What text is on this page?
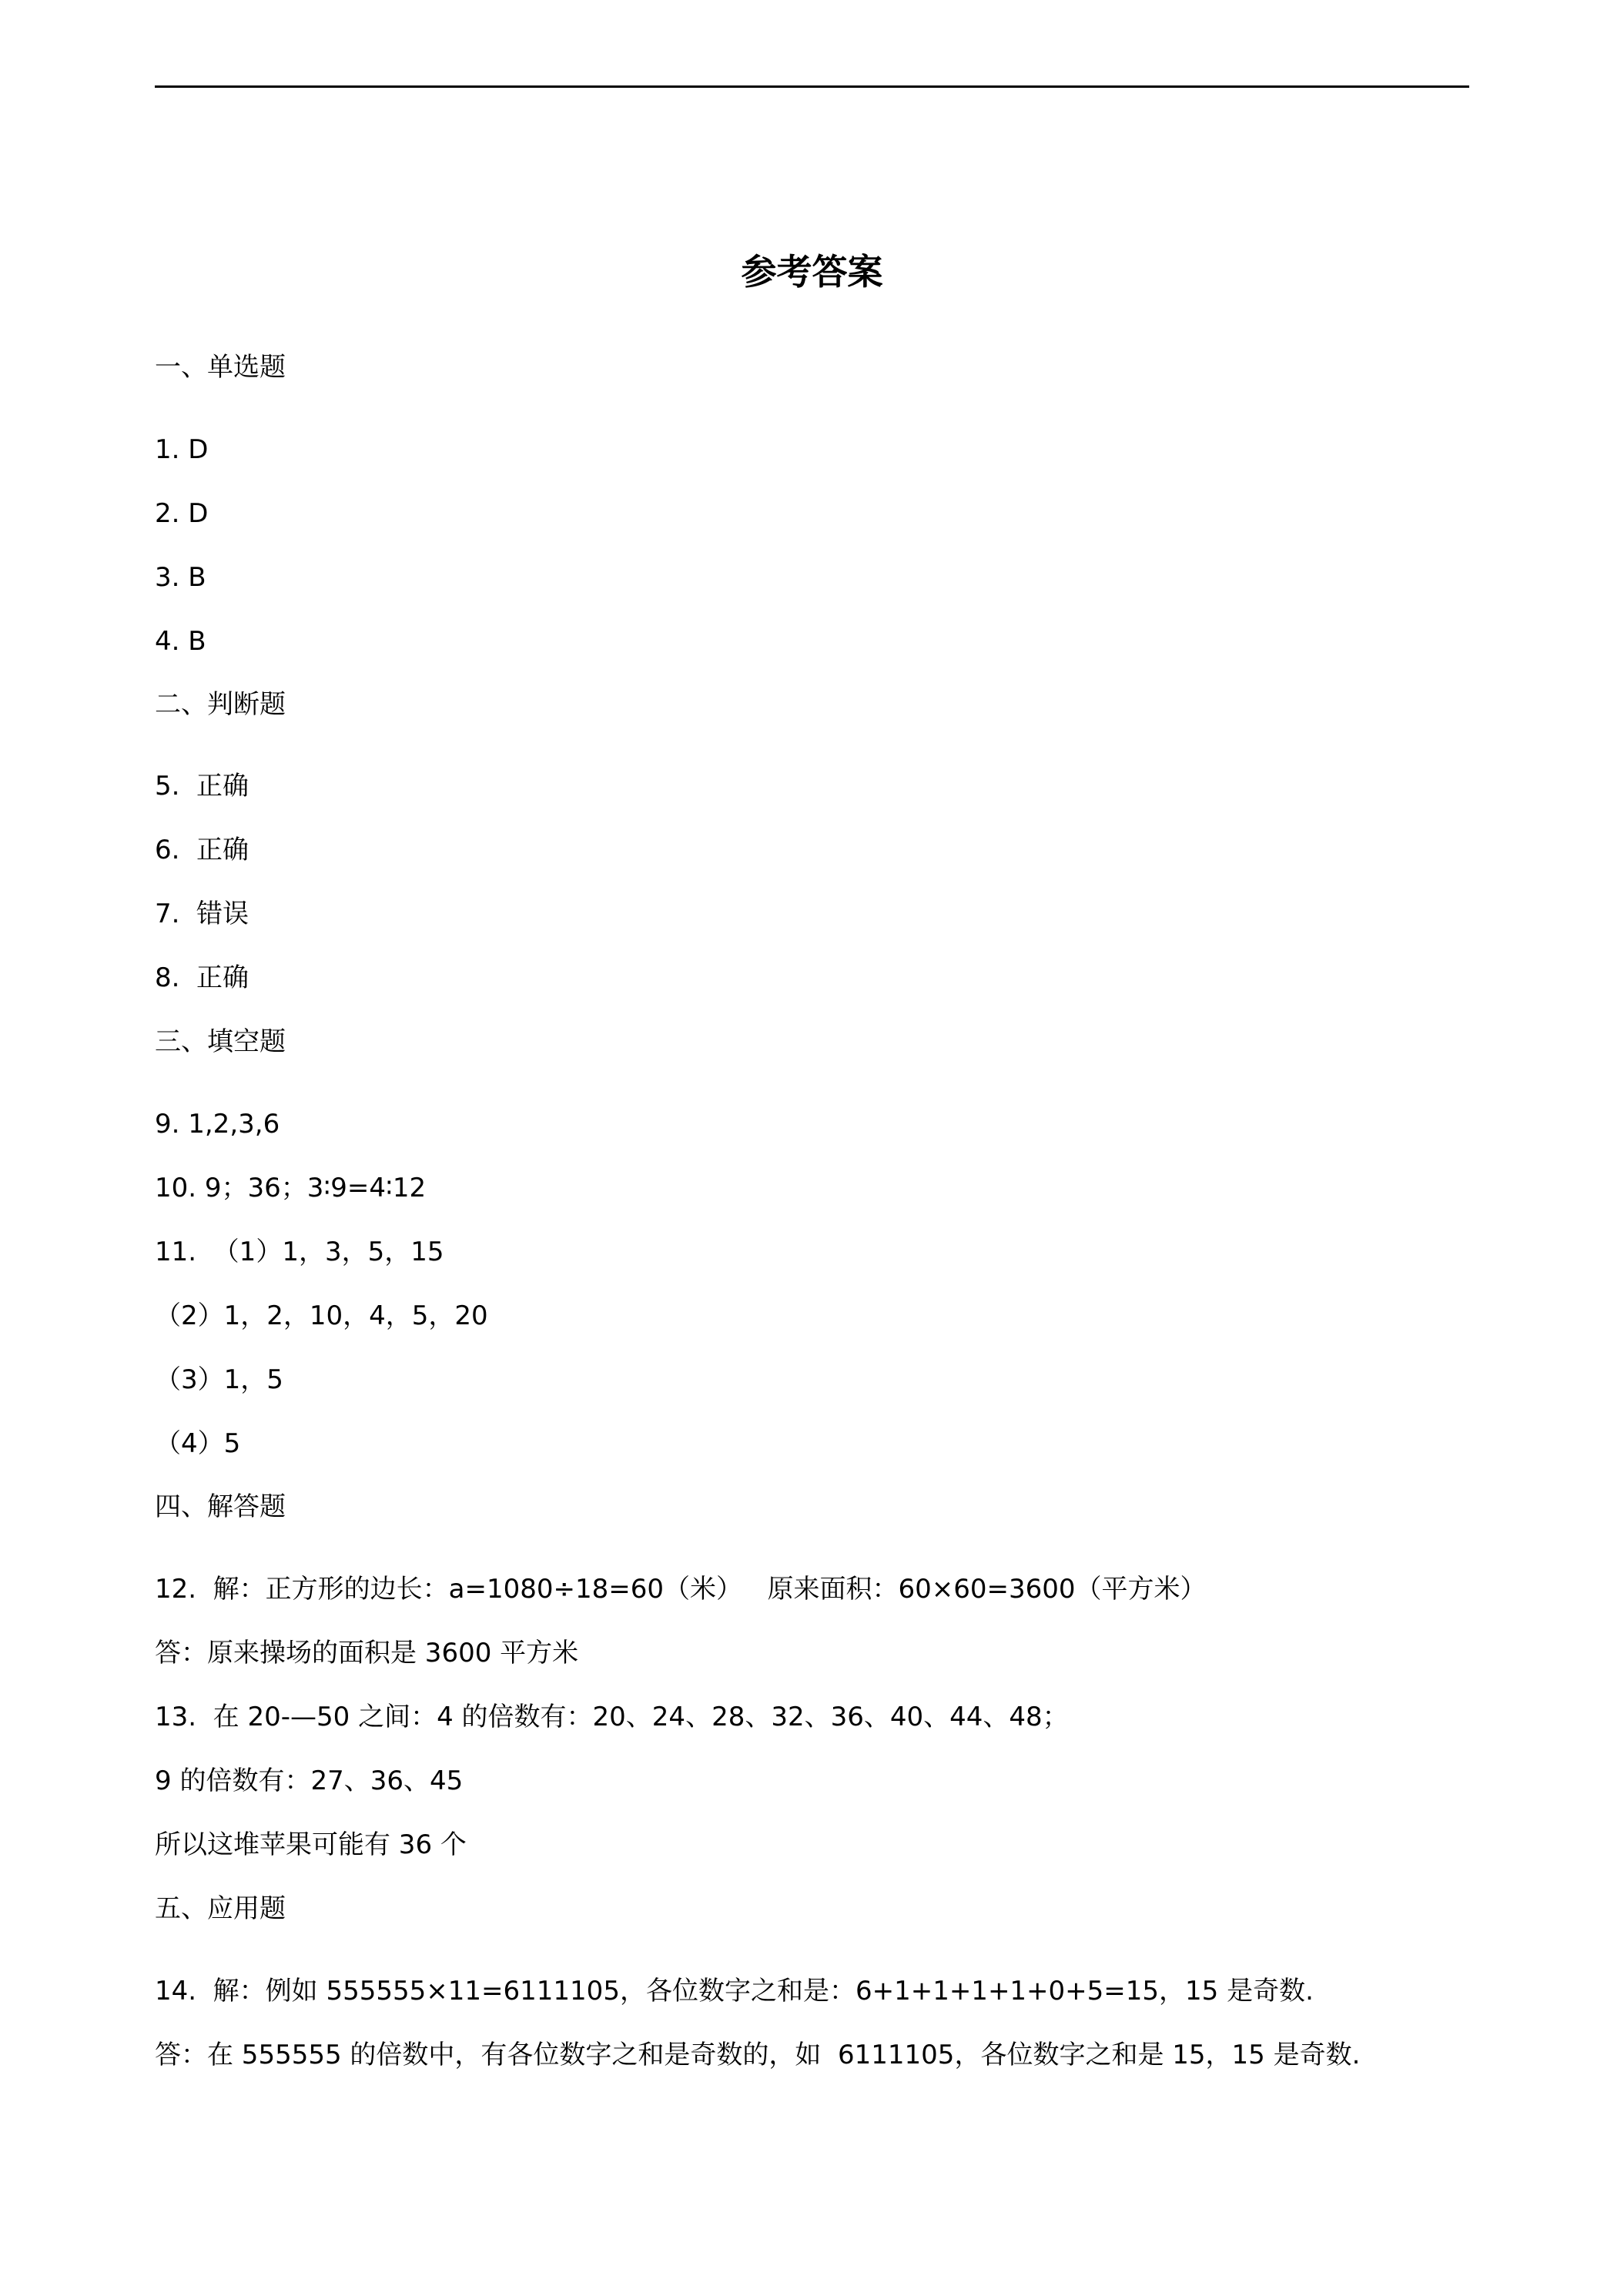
参考答案
一、单选题
1. D
2. D
3. B
4. B
二、判断题
5.  正确
6.  正确
7.  错误
8.  正确
三、填空题
9. 1,2,3,6
10. 9；36；3∶9=4∶12
11.  （1）1，3，5，15
（2）1，2，10，4，5，20
（3）1，5
（4）5
四、解答题
12.  解：正方形的边长：a=1080÷18=60（米）   原来面积：60×60=3600（平方米）
答：原来操场的面积是 3600 平方米
13.  在 20-—50 之间：4 的倍数有：20、24、28、32、36、40、44、48；
9 的倍数有：27、36、45
所以这堆苹果可能有 36 个
五、应用题
14.  解：例如 555555×11=6111105，各位数字之和是：6+1+1+1+1+0+5=15，15 是奇数.
答：在 555555 的倍数中，有各位数字之和是奇数的，如  6111105，各位数字之和是 15，15 是奇数.
